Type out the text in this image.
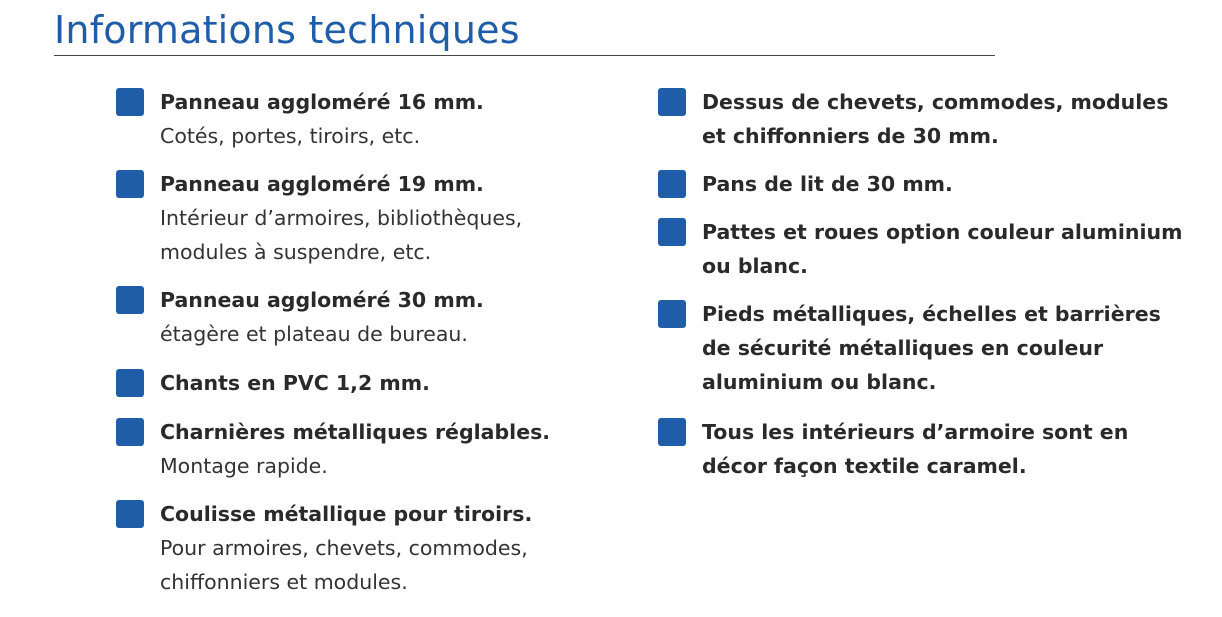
Informations techniques
Panneau aggloméré 16 mm.
Cotés, portes, tiroirs, etc.
Panneau aggloméré 19 mm.
Intérieur d’armoires, bibliothèques,
modules à suspendre, etc.
Panneau aggloméré 30 mm.
étagère et plateau de bureau.
Chants en PVC 1,2 mm.
Charnières métalliques réglables.
Montage rapide.
Coulisse métallique pour tiroirs.
Pour armoires, chevets, commodes,
chiffonniers et modules.
Dessus de chevets, commodes, modules
et chiffonniers de 30 mm.
Pans de lit de 30 mm.
Pattes et roues option couleur aluminium
ou blanc.
Pieds métalliques, échelles et barrières
de sécurité métalliques en couleur
aluminium ou blanc.
Tous les intérieurs d’armoire sont en
décor façon textile caramel.
